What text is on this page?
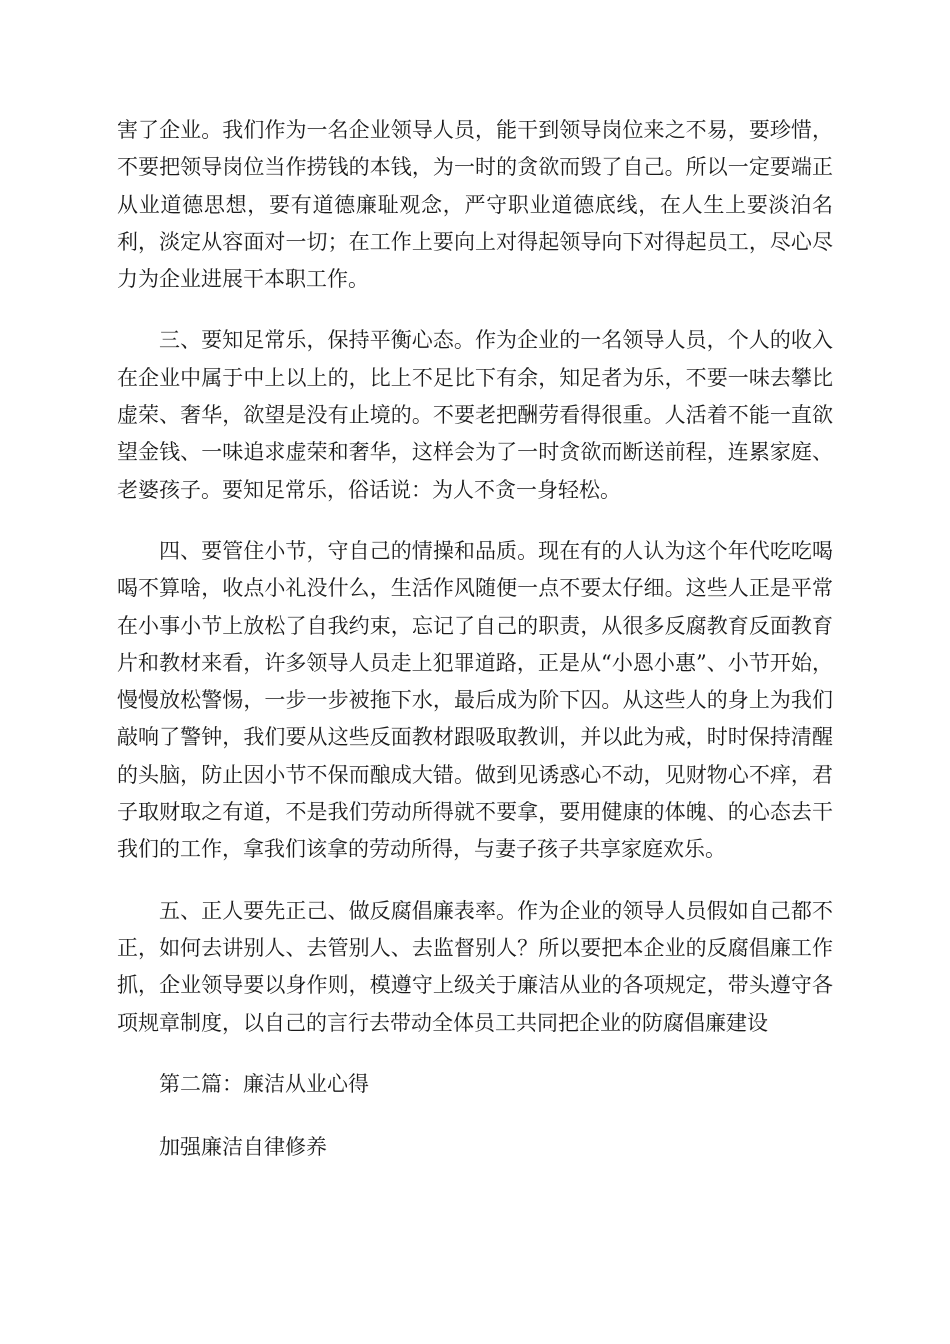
害了企业。我们作为一名企业领导人员，能干到领导岗位来之不易，要珍惜，不要把领导岗位当作捞钱的本钱，为一时的贪欲而毁了自己。所以一定要端正从业道德思想，要有道德廉耻观念，严守职业道德底线，在人生上要淡泊名利，淡定从容面对一切；在工作上要向上对得起领导向下对得起员工，尽心尽力为企业进展干本职工作。

三、要知足常乐，保持平衡心态。作为企业的一名领导人员，个人的收入在企业中属于中上以上的，比上不足比下有余，知足者为乐，不要一味去攀比虚荣、奢华，欲望是没有止境的。不要老把酬劳看得很重。人活着不能一直欲望金钱、一味追求虚荣和奢华，这样会为了一时贪欲而断送前程，连累家庭、老婆孩子。要知足常乐，俗话说：为人不贪一身轻松。

四、要管住小节，守自己的情操和品质。现在有的人认为这个年代吃吃喝喝不算啥，收点小礼没什么，生活作风随便一点不要太仔细。这些人正是平常在小事小节上放松了自我约束，忘记了自己的职责，从很多反腐教育反面教育片和教材来看，许多领导人员走上犯罪道路，正是从“小恩小惠”、小节开始，慢慢放松警惕，一步一步被拖下水，最后成为阶下囚。从这些人的身上为我们敲响了警钟，我们要从这些反面教材跟吸取教训，并以此为戒，时时保持清醒的头脑，防止因小节不保而酿成大错。做到见诱惑心不动，见财物心不痒，君子取财取之有道，不是我们劳动所得就不要拿，要用健康的体魄、的心态去干我们的工作，拿我们该拿的劳动所得，与妻子孩子共享家庭欢乐。

五、正人要先正己、做反腐倡廉表率。作为企业的领导人员假如自己都不正，如何去讲别人、去管别人、去监督别人？所以要把本企业的反腐倡廉工作抓，企业领导要以身作则，模遵守上级关于廉洁从业的各项规定，带头遵守各项规章制度，以自己的言行去带动全体员工共同把企业的防腐倡廉建设

第二篇：廉洁从业心得

加强廉洁自律修养
